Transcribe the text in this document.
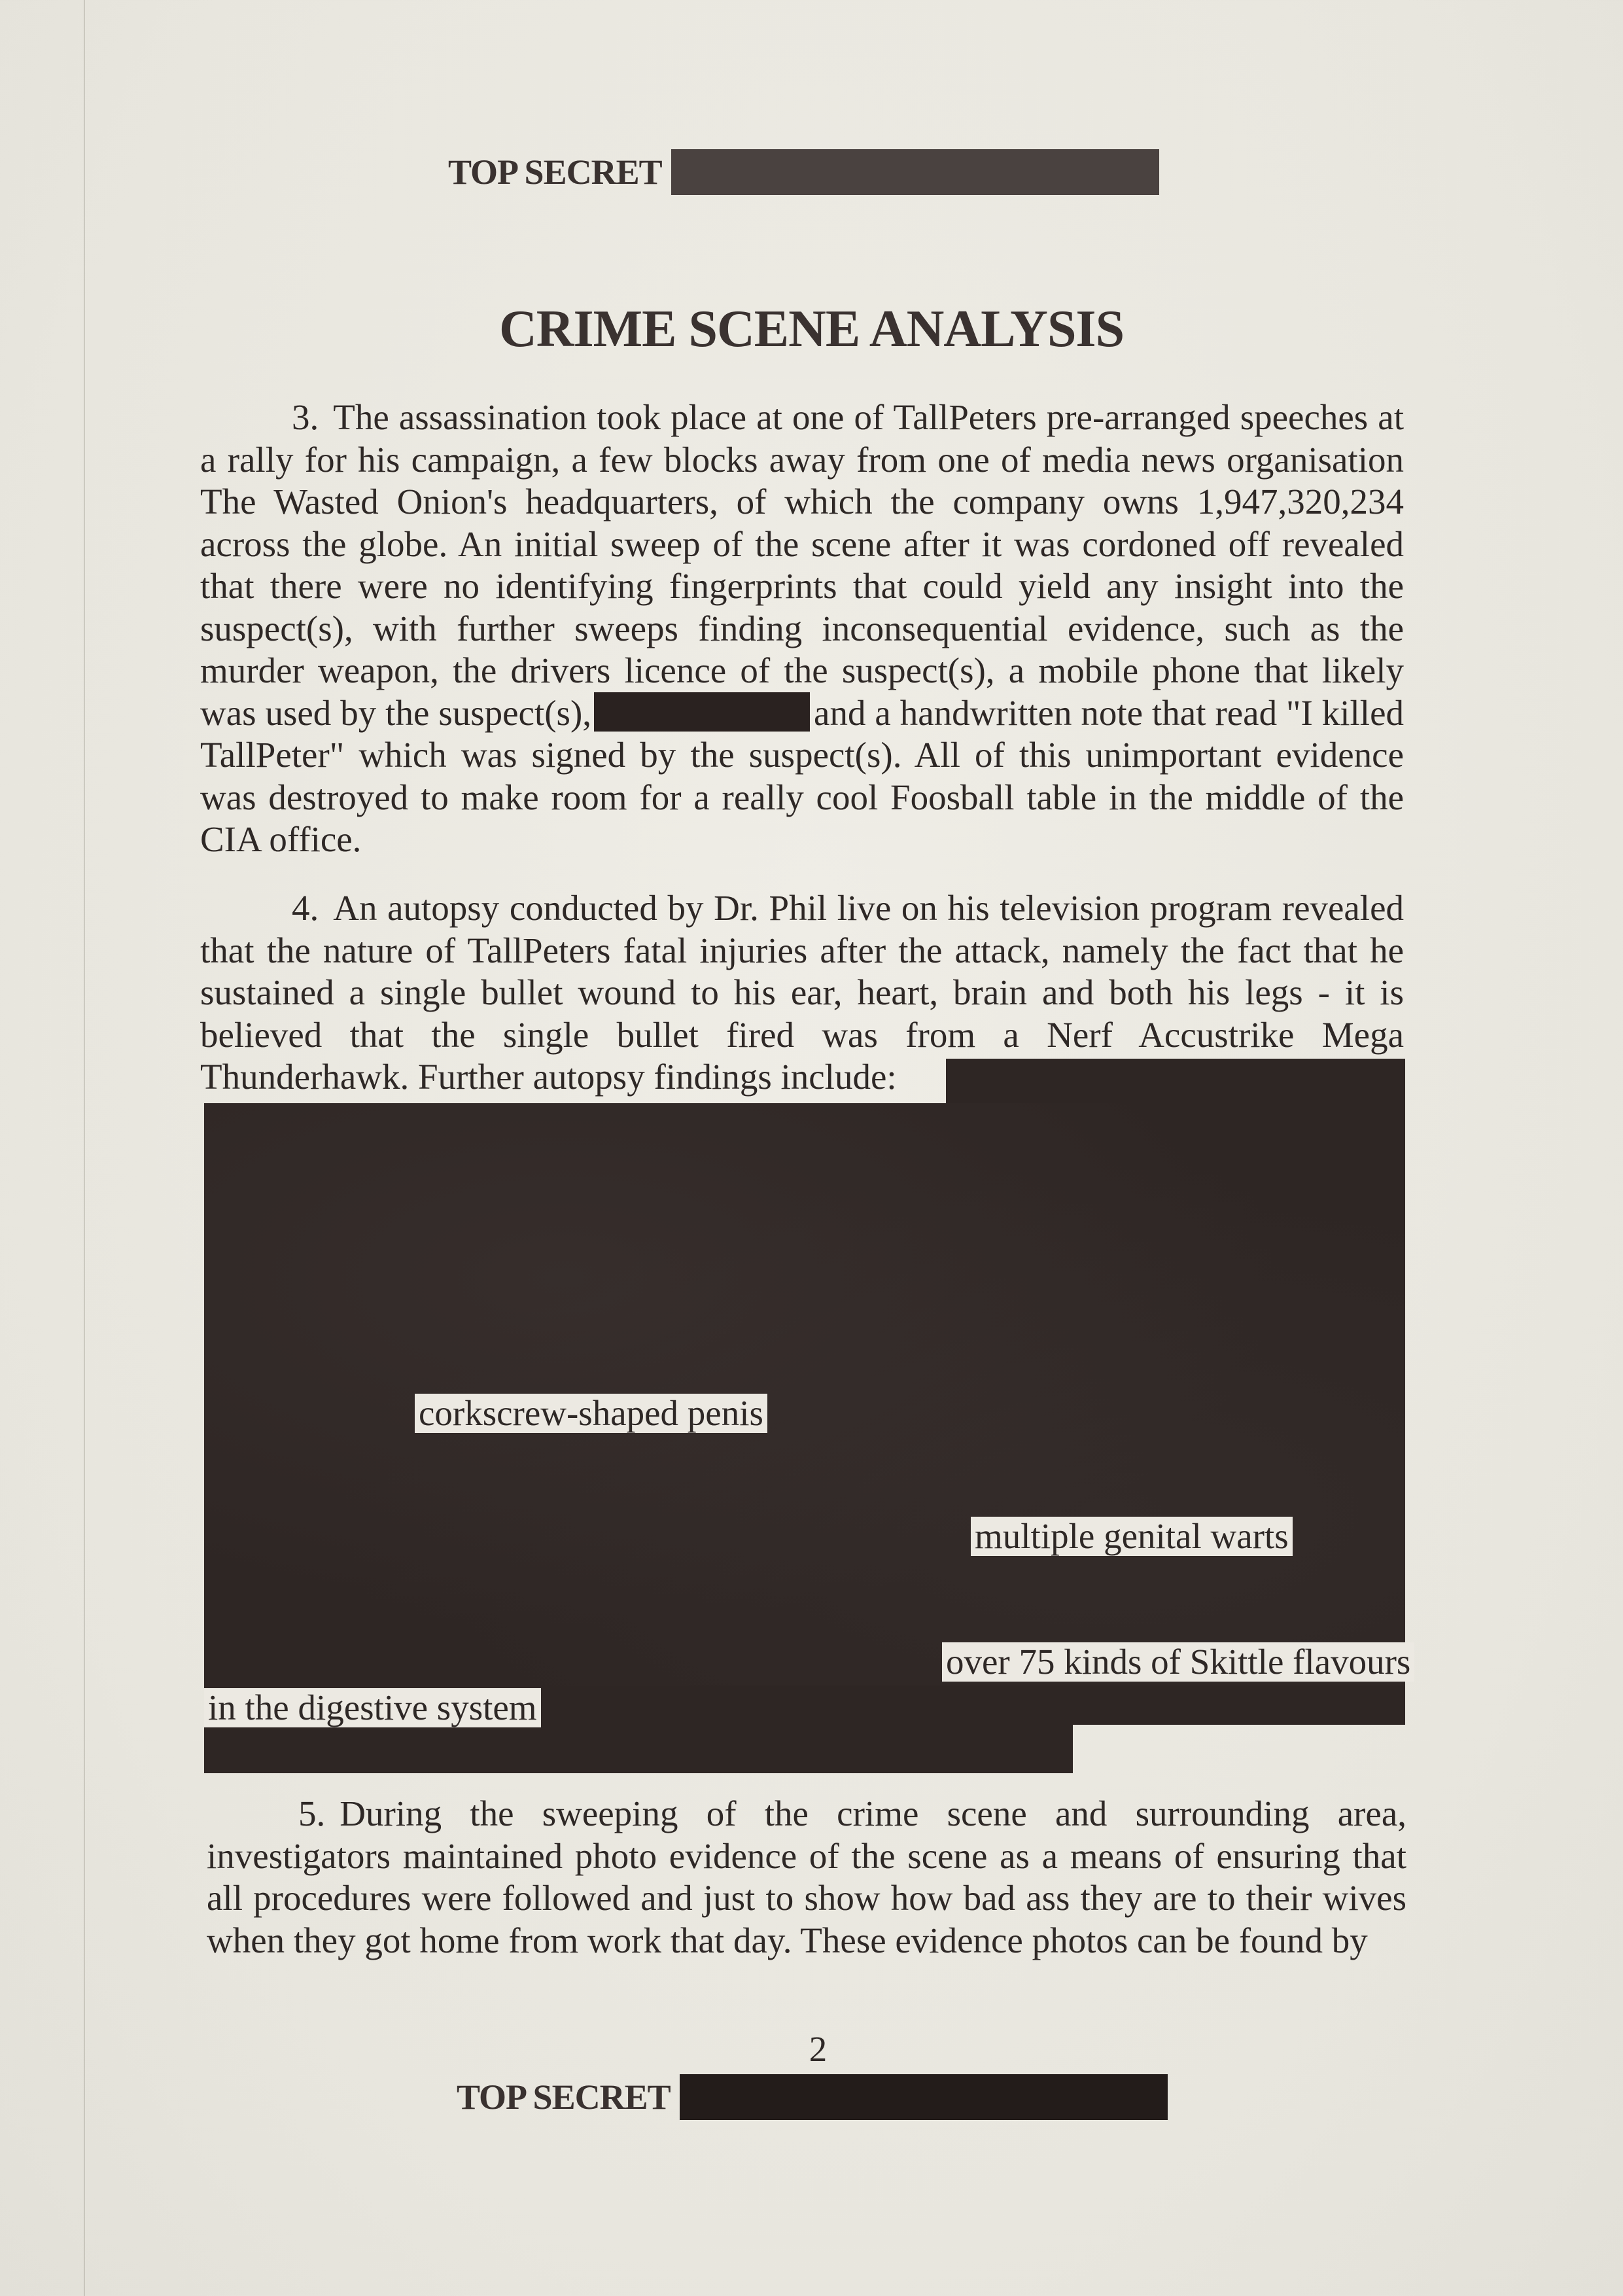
TOP SECRET
CRIME SCENE ANALYSIS
3. The assassination took place at one of TallPeters pre-arranged speeches at a rally for his campaign, a few blocks away from one of media news organisation The Wasted Onion's headquarters, of which the company owns 1,947,320,234 across the globe. An initial sweep of the scene after it was cordoned off revealed that there were no identifying fingerprints that could yield any insight into the suspect(s), with further sweeps finding inconsequential evidence, such as the murder weapon, the drivers licence of the suspect(s), a mobile phone that likely was used by the suspect(s),	and a handwritten note that read "I killed TallPeter" which was signed by the suspect(s). All of this unimportant evidence was destroyed to make room for a really cool Foosball table in the middle of the CIA office.
4. An autopsy conducted by Dr. Phil live on his television program revealed that the nature of TallPeters fatal injuries after the attack, namely the fact that he sustained a single bullet wound to his ear, heart, brain and both his legs - it is believed that the single bullet fired was from a Nerf Accustrike Mega Thunderhawk. Further autopsy findings include:
corkscrew-shaped penis
multiple genital warts
over 75 kinds of Skittle flavours
in the digestive system
5. During the sweeping of the crime scene and surrounding area, investigators maintained photo evidence of the scene as a means of ensuring that all procedures were followed and just to show how bad ass they are to their wives when they got home from work that day. These evidence photos can be found by
2
TOP SECRET
